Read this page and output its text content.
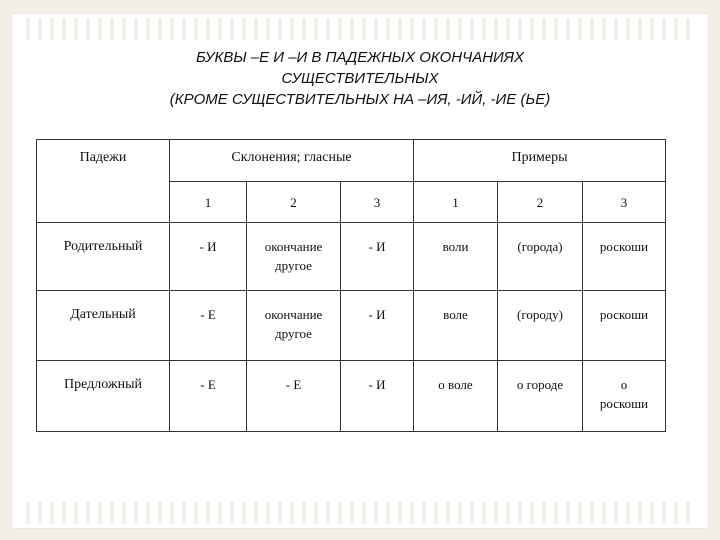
БУКВЫ –Е И –И В ПАДЕЖНЫХ ОКОНЧАНИЯХ
СУЩЕСТВИТЕЛЬНЫХ
(КРОМЕ СУЩЕСТВИТЕЛЬНЫХ НА –ИЯ, -ИЙ, -ИЕ (ЬЕ)
Падежи	Склонения; гласные			Примеры		
	1	2	3	1	2	3
Родительный	- И	окончание другое	- И	воли	(города)	роскоши
Дательный	- Е	окончание другое	- И	воле	(городу)	роскоши
Предложный	- Е	- Е	- И	о воле	о городе	о роскоши
